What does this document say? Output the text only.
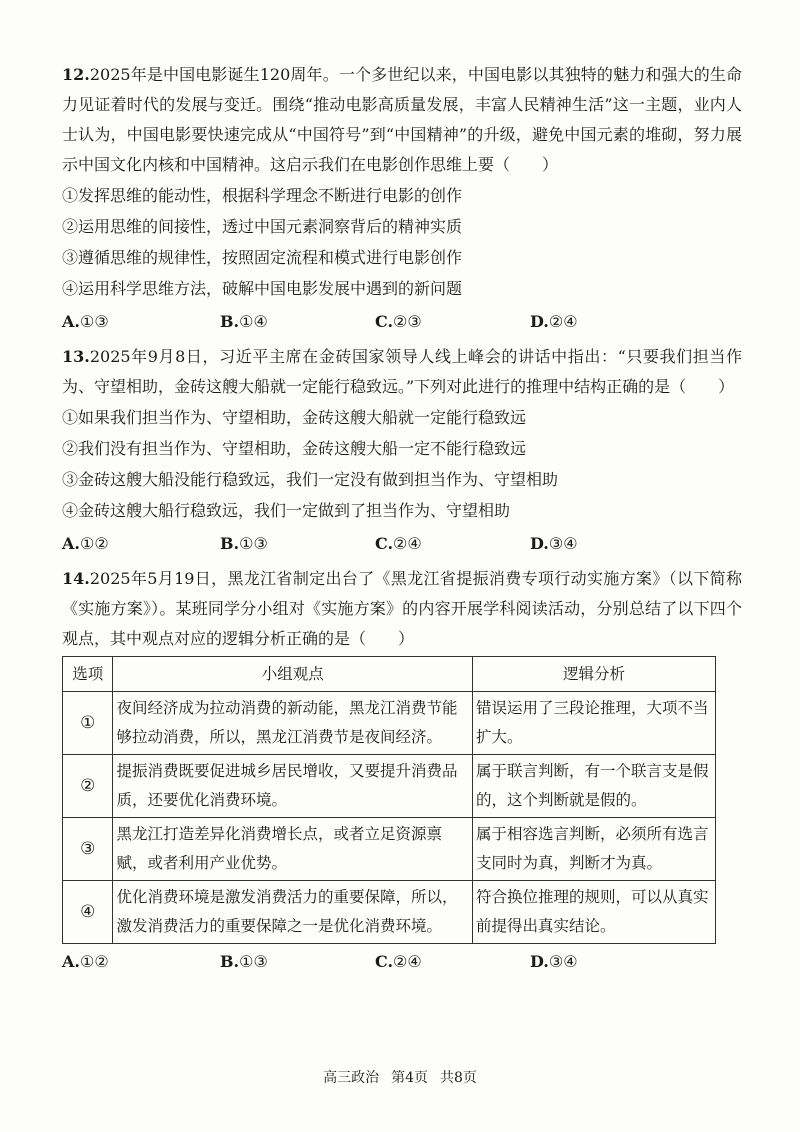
12.2025年是中国电影诞生120周年。一个多世纪以来，中国电影以其独特的魅力和强大的生命力见证着时代的发展与变迁。围绕“推动电影高质量发展，丰富人民精神生活”这一主题，业内人士认为，中国电影要快速完成从“中国符号”到“中国精神”的升级，避免中国元素的堆砌，努力展示中国文化内核和中国精神。这启示我们在电影创作思维上要（　　）

①发挥思维的能动性，根据科学理念不断进行电影的创作

②运用思维的间接性，透过中国元素洞察背后的精神实质

③遵循思维的规律性，按照固定流程和模式进行电影创作

④运用科学思维方法，破解中国电影发展中遇到的新问题

A.①③	B.①④	C.②③	D.②④

13.2025年9月8日，习近平主席在金砖国家领导人线上峰会的讲话中指出：“只要我们担当作为、守望相助，金砖这艘大船就一定能行稳致远。”下列对此进行的推理中结构正确的是（　　）

①如果我们担当作为、守望相助，金砖这艘大船就一定能行稳致远

②我们没有担当作为、守望相助，金砖这艘大船一定不能行稳致远

③金砖这艘大船没能行稳致远，我们一定没有做到担当作为、守望相助

④金砖这艘大船行稳致远，我们一定做到了担当作为、守望相助

A.①②	B.①③	C.②④	D.③④

14.2025年5月19日，黑龙江省制定出台了《黑龙江省提振消费专项行动实施方案》（以下简称《实施方案》）。某班同学分小组对《实施方案》的内容开展学科阅读活动，分别总结了以下四个观点，其中观点对应的逻辑分析正确的是（　　）

选项	小组观点	逻辑分析
①	夜间经济成为拉动消费的新动能，黑龙江消费节能够拉动消费，所以，黑龙江消费节是夜间经济。	错误运用了三段论推理，大项不当扩大。
②	提振消费既要促进城乡居民增收，又要提升消费品质，还要优化消费环境。	属于联言判断，有一个联言支是假的，这个判断就是假的。
③	黑龙江打造差异化消费增长点，或者立足资源禀赋，或者利用产业优势。	属于相容选言判断，必须所有选言支同时为真，判断才为真。
④	优化消费环境是激发消费活力的重要保障，所以，激发消费活力的重要保障之一是优化消费环境。	符合换位推理的规则，可以从真实前提得出真实结论。
A.①②	B.①③	C.②④	D.③④
高三政治 第4页 共8页
